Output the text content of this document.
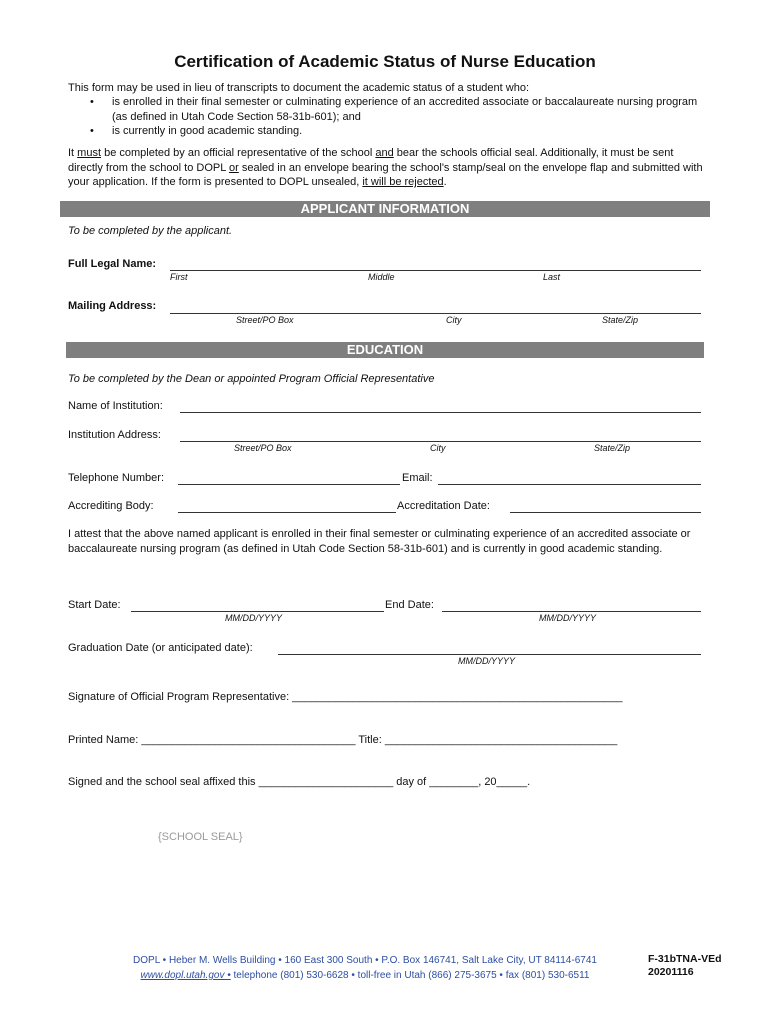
Certification of Academic Status of Nurse Education
This form may be used in lieu of transcripts to document the academic status of a student who:
• is enrolled in their final semester or culminating experience of an accredited associate or baccalaureate nursing program (as defined in Utah Code Section 58-31b-601); and
• is currently in good academic standing.
It must be completed by an official representative of the school and bear the schools official seal. Additionally, it must be sent directly from the school to DOPL or sealed in an envelope bearing the school's stamp/seal on the envelope flap and submitted with your application. If the form is presented to DOPL unsealed, it will be rejected.
APPLICANT INFORMATION
To be completed by the applicant.
Full Legal Name:
First	Middle	Last
Mailing Address:
Street/PO Box	City	State/Zip
EDUCATION
To be completed by the Dean or appointed Program Official Representative
Name of Institution:
Institution Address:
Street/PO Box	City	State/Zip
Telephone Number:	Email:
Accrediting Body:	Accreditation Date:
I attest that the above named applicant is enrolled in their final semester or culminating experience of an accredited associate or baccalaureate nursing program (as defined in Utah Code Section 58-31b-601) and is currently in good academic standing.
Start Date:
MM/DD/YYYY
End Date:
MM/DD/YYYY
Graduation Date (or anticipated date):
MM/DD/YYYY
Signature of Official Program Representative: ______________________________________________________
Printed Name: ___________________________________ Title: ______________________________________
Signed and the school seal affixed this ______________________ day of ________, 20_____.
{SCHOOL SEAL}
DOPL • Heber M. Wells Building • 160 East 300 South • P.O. Box 146741, Salt Lake City, UT 84114-6741
www.dopl.utah.gov • telephone (801) 530-6628 • toll-free in Utah (866) 275-3675 • fax (801) 530-6511
F-31bTNA-VEd
20201116
